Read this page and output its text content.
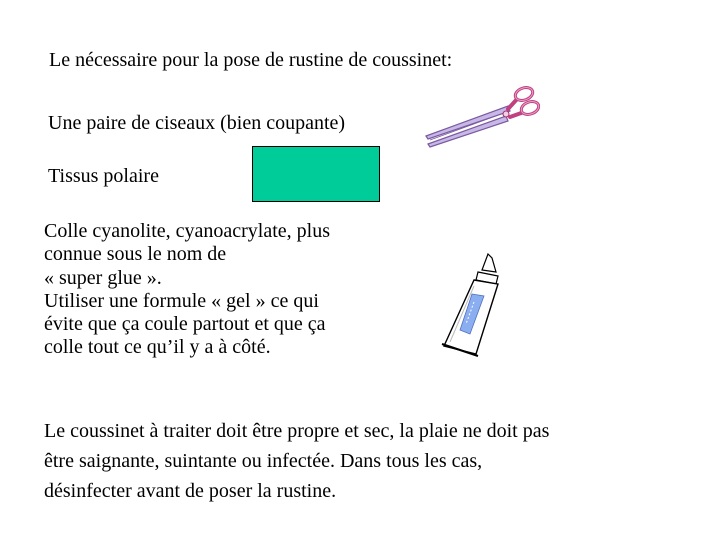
Le nécessaire pour la pose de rustine de coussinet:
Une paire de ciseaux (bien coupante)
Tissus polaire
Colle cyanolite, cyanoacrylate, plus
connue sous le nom de
« super glue ».
Utiliser une formule « gel » ce qui
évite que ça coule partout et que ça
colle tout ce qu’il y a à côté.
Le coussinet à traiter doit être propre et sec, la plaie ne doit pas
être saignante, suintante ou infectée. Dans tous les cas,
désinfecter avant de poser la rustine.
